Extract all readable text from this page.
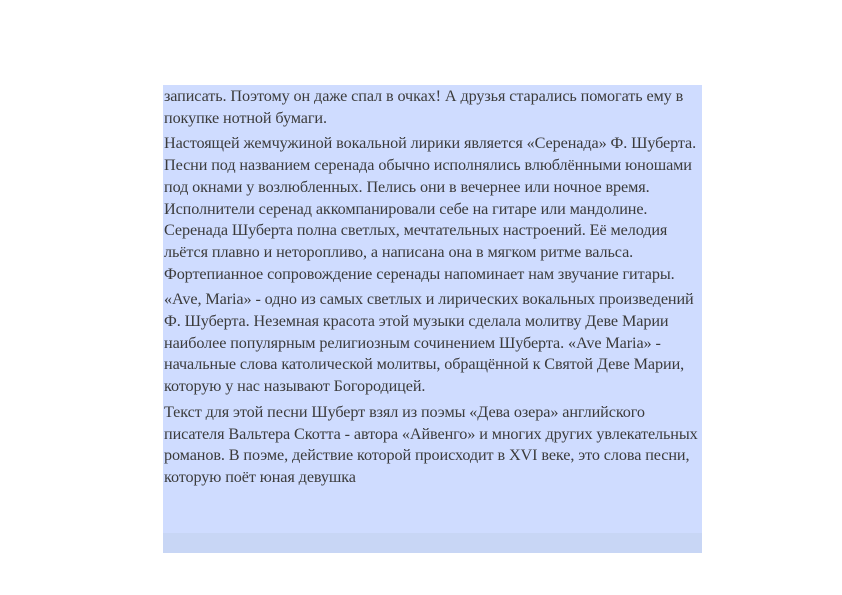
записать. Поэтому он даже спал в очках! А друзья старались помогать ему в покупке нотной бумаги.

Настоящей жемчужиной вокальной лирики является «Серенада» Ф. Шуберта. Песни под названием серенада обычно исполнялись влюблёнными юношами под окнами у возлюбленных. Пелись они в вечернее или ночное время. Исполнители серенад аккомпанировали себе на гитаре или мандолине. Серенада Шуберта полна светлых, мечтательных настроений. Её мелодия льётся плавно и неторопливо, а написана она в мягком ритме вальса. Фортепианное сопровождение серенады напоминает нам звучание гитары.

«Ave, Maria» - одно из самых светлых и лирических вокальных произведений Ф. Шуберта. Неземная красота этой музыки сделала молитву Деве Марии наиболее популярным религиозным сочинением Шуберта. «Ave Maria» - начальные слова католической молитвы, обращённой к Святой Деве Марии, которую у нас называют Богородицей.

Текст для этой песни Шуберт взял из поэмы «Дева озера» английского писателя Вальтера Скотта - автора «Айвенго» и многих других увлекательных романов. В поэме, действие которой происходит в XVI веке, это слова песни, которую поёт юная девушка
